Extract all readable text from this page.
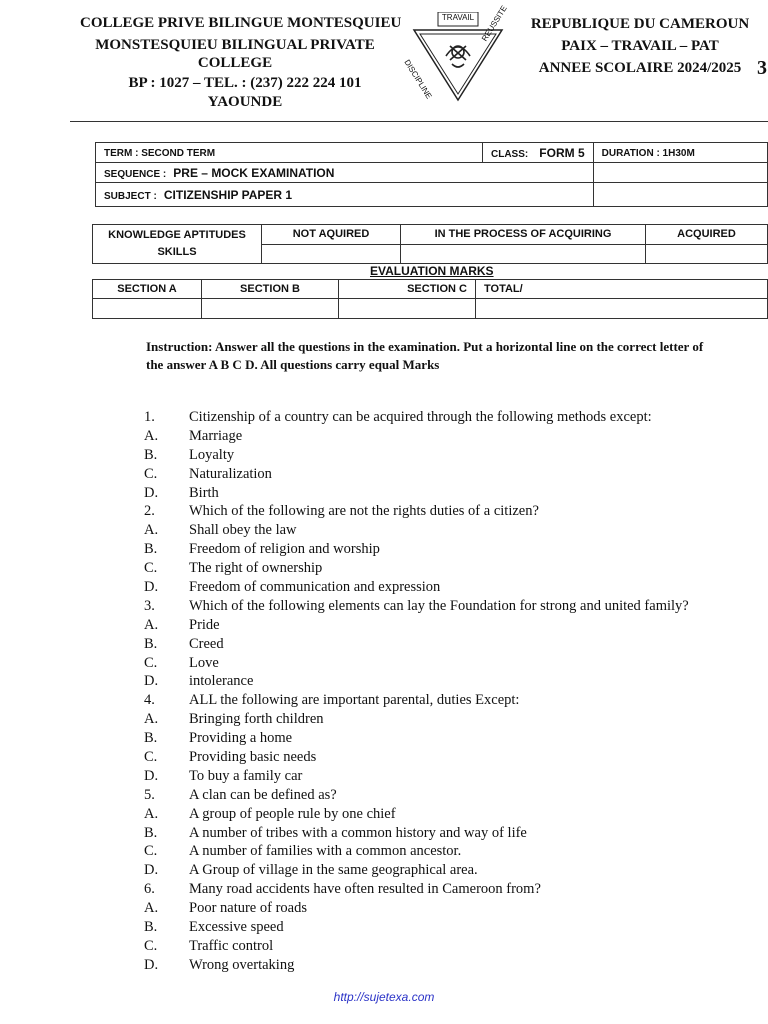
COLLEGE PRIVE BILINGUE MONTESQUIEU
MONSTESQUIEU BILINGUAL PRIVATE
COLLEGE
BP : 1027 – TEL. : (237) 222 224 101
YAOUNDE
TRAVAIL
DISCIPLINE
REUSSITE	REPUBLIQUE DU CAMEROUN
PAIX – TRAVAIL – PAT
ANNEE SCOLAIRE 2024/2025 3
TERM : SECOND TERM	CLASS: FORM 5	DURATION : 1H30M
SEQUENCE : PRE – MOCK EXAMINATION		
SUBJECT : CITIZENSHIP PAPER 1		
KNOWLEDGE APTITUDES
SKILLS	NOT AQUIRED	IN THE PROCESS OF ACQUIRING	ACQUIRED

EVALUATION MARKS
SECTION A	SECTION B	SECTION C	TOTAL/

Instruction: Answer all the questions in the examination. Put a horizontal line on the correct letter of the answer A B C D. All questions carry equal Marks
1.	Citizenship of a country can be acquired through the following methods except:
A.	Marriage
B.	Loyalty
C.	Naturalization
D.	Birth
2.	Which of the following are not the rights duties of a citizen?
A.	Shall obey the law
B.	Freedom of religion and worship
C.	The right of ownership
D.	Freedom of communication and expression
3.	Which of the following elements can lay the Foundation for strong and united family?
A.	Pride
B.	Creed
C.	Love
D.	intolerance
4.	ALL the following are important parental, duties Except:
A.	Bringing forth children
B.	Providing a home
C.	Providing basic needs
D.	To buy a family car
5.	A clan can be defined as?
A.	A group of people rule by one chief
B.	A number of tribes with a common history and way of life
C.	A number of families with a common ancestor.
D.	A Group of village in the same geographical area.
6.	Many road accidents have often resulted in Cameroon from?
A.	Poor nature of roads
B.	Excessive speed
C.	Traffic control
D.	Wrong overtaking
http://sujetexa.com
